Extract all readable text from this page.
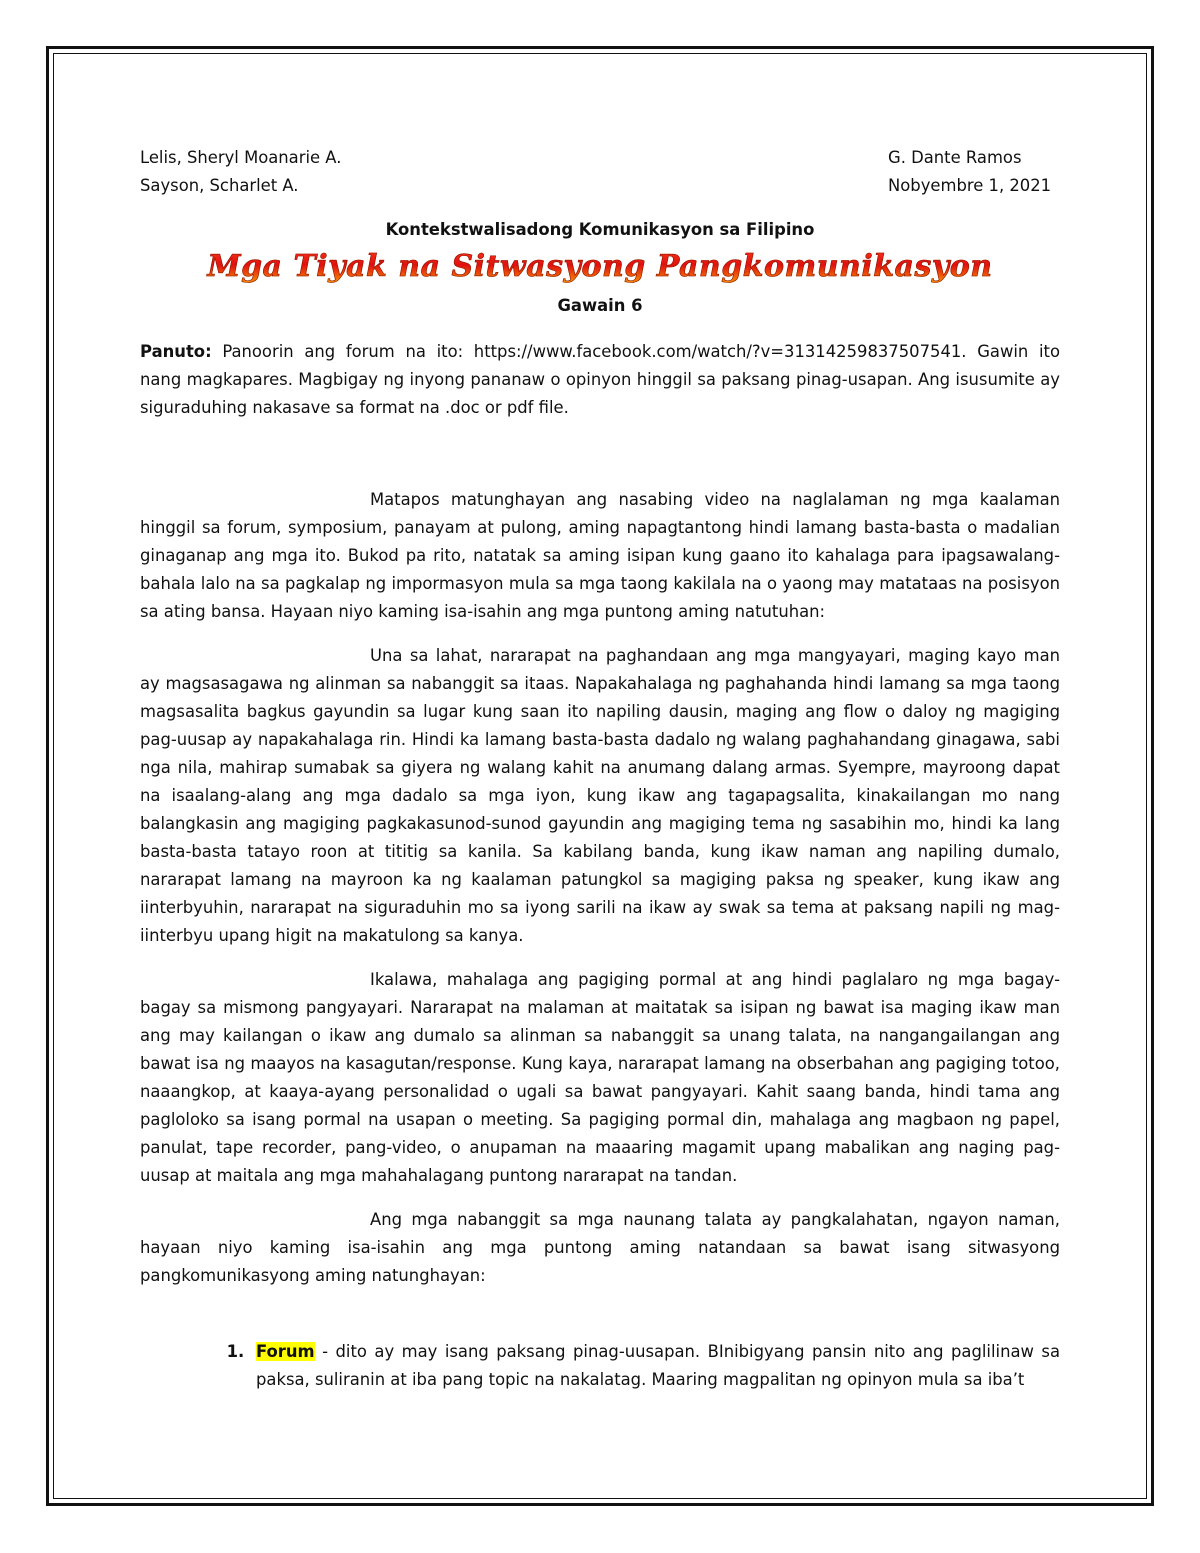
Lelis, Sheryl Moanarie A.	G. Dante Ramos
Sayson, Scharlet A.	Nobyembre 1, 2021
Kontekstwalisadong Komunikasyon sa Filipino
Mga Tiyak na Sitwasyong Pangkomunikasyon
Gawain 6
Panuto: Panoorin ang forum na ito: https://www.facebook.com/watch/?v=3131425983750754​1. Gawin ito nang magkapares. Magbigay ng inyong pananaw o opinyon hinggil sa paksang pinag-usapan. Ang isusumite ay siguraduhing nakasave sa format na .doc or pdf file.

Matapos matunghayan ang nasabing video na naglalaman ng mga kaalaman hinggil sa forum, symposium, panayam at pulong, aming napagtantong hindi lamang basta-basta o madalian ginaganap ang mga ito. Bukod pa rito, natatak sa aming isipan kung gaano ito kahalaga para ipagsawalang-bahala lalo na sa pagkalap ng impormasyon mula sa mga taong kakilala na o yaong may matataas na posisyon sa ating bansa. Hayaan niyo kaming isa-isahin ang mga puntong aming natutuhan:

Una sa lahat, nararapat na paghandaan ang mga mangyayari, maging kayo man ay magsasagawa ng alinman sa nabanggit sa itaas. Napakahalaga ng paghahanda hindi lamang sa mga taong magsasalita bagkus gayundin sa lugar kung saan ito napiling dausin, maging ang flow o daloy ng magiging pag-uusap ay napakahalaga rin. Hindi ka lamang basta-basta dadalo ng walang paghahandang ginagawa, sabi nga nila, mahirap sumabak sa giyera ng walang kahit na anumang dalang armas. Syempre, mayroong dapat na isaalang-alang ang mga dadalo sa mga iyon, kung ikaw ang tagapagsalita, kinakailangan mo nang balangkasin ang magiging pagkakasunod-sunod gayundin ang magiging tema ng sasabihin mo, hindi ka lang basta-basta tatayo roon at tititig sa kanila. Sa kabilang banda, kung ikaw naman ang napiling dumalo, nararapat lamang na mayroon ka ng kaalaman patungkol sa magiging paksa ng speaker, kung ikaw ang iinterbyuhin, nararapat na siguraduhin mo sa iyong sarili na ikaw ay swak sa tema at paksang napili ng mag-iinterbyu upang higit na makatulong sa kanya.

Ikalawa, mahalaga ang pagiging pormal at ang hindi paglalaro ng mga bagay-bagay sa mismong pangyayari. Nararapat na malaman at maitatak sa isipan ng bawat isa maging ikaw man ang may kailangan o ikaw ang dumalo sa alinman sa nabanggit sa unang talata, na nangangailangan ang bawat isa ng maayos na kasagutan/response. Kung kaya, nararapat lamang na obserbahan ang pagiging totoo, naaangkop, at kaaya-ayang personalidad o ugali sa bawat pangyayari. Kahit saang banda, hindi tama ang pagloloko sa isang pormal na usapan o meeting. Sa pagiging pormal din, mahalaga ang magbaon ng papel, panulat, tape recorder, pang-video, o anupaman na maaaring magamit upang mabalikan ang naging pag-uusap at maitala ang mga mahahalagang puntong nararapat na tandan.

Ang mga nabanggit sa mga naunang talata ay pangkalahatan, ngayon naman, hayaan niyo kaming isa-isahin ang mga puntong aming natandaan sa bawat isang sitwasyong pangkomunikasyong aming natunghayan:

1. Forum - dito ay may isang paksang pinag-uusapan. BInibigyang pansin nito ang paglilinaw sa paksa, suliranin at iba pang topic na nakalatag. Maaring magpalitan ng opinyon mula sa iba’t
